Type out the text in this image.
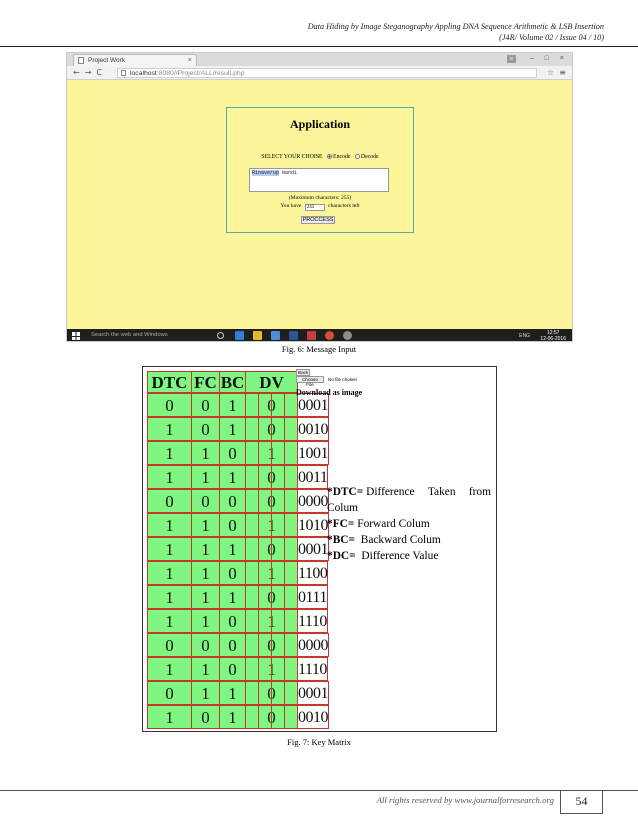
Data Hiding by Image Steganography Appling DNA Sequence Arithmetic & LSB Insertion
(J4R/ Volume 02 / Issue 04 / 10)
Project Work	×	≡	– □ ×
← → C	localhost:8080//Project/ALL/result.php	☆ ≡
Application
SELECT YOUR CHOISE Encode Decode
Rinaverup Nandi
(Maximum characters: 255)
You have 245 characters left
PROCCESS
Search the web and Windows	ENG	12:57
12-06-2016
Fig. 6: Message Input
DTC FC BC DV
0	0	1	0	0001
1	0	1	0	0010
1	1	0	1	1001
1	1	1	0	0011
0	0	0	0	0000
1	1	0	1	1010
1	1	1	0	0001
1	1	0	1	1100
1	1	1	0	0111
1	1	0	1	1110
0	0	0	0	0000
1	1	0	1	1110
0	1	1	0	0001
1	0	1	0	0010
Back
Choose File
No file chosen
Download as image

*DTC= Difference Taken from

Colum

*FC= Forward Colum

*BC= Backward Colum

*DC= Difference Value

Fig. 7: Key Matrix
All rights reserved by www.journalforresearch.org	54
